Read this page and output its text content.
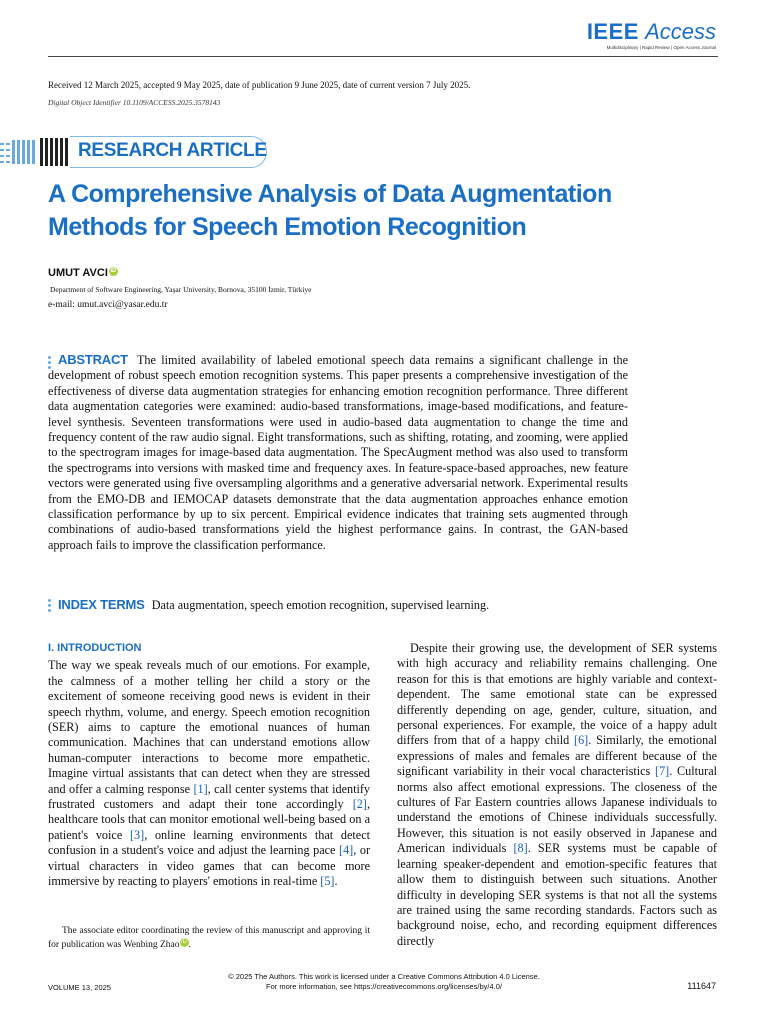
IEEE Access
Multidisciplinary | Rapid Review | Open Access Journal
Received 12 March 2025, accepted 9 May 2025, date of publication 9 June 2025, date of current version 7 July 2025.
Digital Object Identifier 10.1109/ACCESS.2025.3578143
RESEARCH ARTICLE
A Comprehensive Analysis of Data Augmentation Methods for Speech Emotion Recognition
UMUT AVCI iD
Department of Software Engineering, Yaşar University, Bornova, 35100 İzmir, Türkiye
e-mail: umut.avci@yasar.edu.tr
ABSTRACT The limited availability of labeled emotional speech data remains a significant challenge in the development of robust speech emotion recognition systems. This paper presents a comprehensive investigation of the effectiveness of diverse data augmentation strategies for enhancing emotion recognition performance. Three different data augmentation categories were examined: audio-based transformations, image-based modifications, and feature-level synthesis. Seventeen transformations were used in audio-based data augmentation to change the time and frequency content of the raw audio signal. Eight transformations, such as shifting, rotating, and zooming, were applied to the spectrogram images for image-based data augmentation. The SpecAugment method was also used to transform the spectrograms into versions with masked time and frequency axes. In feature-space-based approaches, new feature vectors were generated using five oversampling algorithms and a generative adversarial network. Experimental results from the EMO-DB and IEMOCAP datasets demonstrate that the data augmentation approaches enhance emotion classification performance by up to six percent. Empirical evidence indicates that training sets augmented through combinations of audio-based transformations yield the highest performance gains. In contrast, the GAN-based approach fails to improve the classification performance.
INDEX TERMS Data augmentation, speech emotion recognition, supervised learning.
I. INTRODUCTION
The way we speak reveals much of our emotions. For example, the calmness of a mother telling her child a story or the excitement of someone receiving good news is evident in their speech rhythm, volume, and energy. Speech emotion recognition (SER) aims to capture the emotional nuances of human communication. Machines that can understand emotions allow human-computer interactions to become more empathetic. Imagine virtual assistants that can detect when they are stressed and offer a calming response [1], call center systems that identify frustrated customers and adapt their tone accordingly [2], healthcare tools that can monitor emotional well-being based on a patient's voice [3], online learning environments that detect confusion in a student's voice and adjust the learning pace [4], or virtual characters in video games that can become more immersive by reacting to players' emotions in real-time [5].
The associate editor coordinating the review of this manuscript and approving it for publication was Wenbing Zhao iD .
Despite their growing use, the development of SER systems with high accuracy and reliability remains challenging. One reason for this is that emotions are highly variable and context-dependent. The same emotional state can be expressed differently depending on age, gender, culture, situation, and personal experiences. For example, the voice of a happy adult differs from that of a happy child [6]. Similarly, the emotional expressions of males and females are different because of the significant variability in their vocal characteristics [7]. Cultural norms also affect emotional expressions. The closeness of the cultures of Far Eastern countries allows Japanese individuals to understand the emotions of Chinese individuals successfully. However, this situation is not easily observed in Japanese and American individuals [8]. SER systems must be capable of learning speaker-dependent and emotion-specific features that allow them to distinguish between such situations. Another difficulty in developing SER systems is that not all the systems are trained using the same recording standards. Factors such as background noise, echo, and recording equipment differences directly
© 2025 The Authors. This work is licensed under a Creative Commons Attribution 4.0 License.
For more information, see https://creativecommons.org/licenses/by/4.0/
VOLUME 13, 2025	111647
